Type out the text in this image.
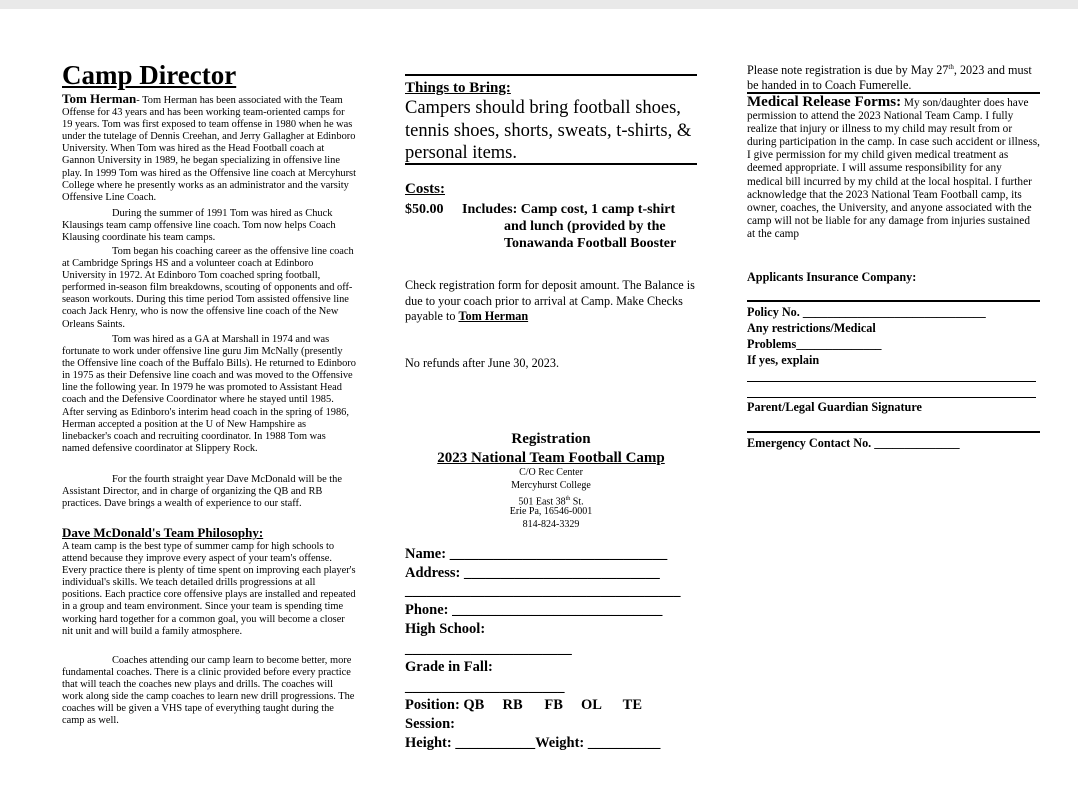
Camp Director
Tom Herman- Tom Herman has been associated with the Team Offense for 43 years and has been working team-oriented camps for 19 years. Tom was first exposed to team offense in 1980 when he was under the tutelage of Dennis Creehan, and Jerry Gallagher at Edinboro University. When Tom was hired as the Head Football coach at Gannon University in 1989, he began specializing in offensive line play. In 1999 Tom was hired as the Offensive line coach at Mercyhurst College where he presently works as an administrator and the varsity Offensive Line Coach.
During the summer of 1991 Tom was hired as Chuck Klausings team camp offensive line coach. Tom now helps Coach Klausing coordinate his team camps.
Tom began his coaching career as the offensive line coach at Cambridge Springs HS and a volunteer coach at Edinboro University in 1972. At Edinboro Tom coached spring football, performed in-season film breakdowns, scouting of opponents and off-season workouts. During this time period Tom assisted offensive line coach Jack Henry, who is now the offensive line coach of the New Orleans Saints.
Tom was hired as a GA at Marshall in 1974 and was fortunate to work under offensive line guru Jim McNally (presently the Offensive line coach of the Buffalo Bills). He returned to Edinboro in 1975 as their Defensive line coach and was moved to the Offensive line the following year. In 1979 he was promoted to Assistant Head coach and the Defensive Coordinator where he stayed until 1985. After serving as Edinboro's interim head coach in the spring of 1986, Herman accepted a position at the U of New Hampshire as linebacker's coach and recruiting coordinator. In 1988 Tom was named defensive coordinator at Slippery Rock.
For the fourth straight year Dave McDonald will be the Assistant Director, and in charge of organizing the QB and RB practices. Dave brings a wealth of experience to our staff.
Dave McDonald's Team Philosophy:
A team camp is the best type of summer camp for high schools to attend because they improve every aspect of your team's offense. Every practice there is plenty of time spent on improving each player's individual's skills. We teach detailed drills progressions at all positions. Each practice core offensive plays are installed and repeated in a group and team environment. Since your team is spending time working hard together for a common goal, you will become a closer nit unit and will build a family atmosphere.
Coaches attending our camp learn to become better, more fundamental coaches. There is a clinic provided before every practice that will teach the coaches new plays and drills. The coaches will work along side the camp coaches to learn new drill progressions. The coaches will be given a VHS tape of everything taught during the camp as well.
Things to Bring:
Campers should bring football shoes, tennis shoes, shorts, sweats, t-shirts, & personal items.
Costs:
$50.00 Includes: Camp cost, 1 camp t-shirt
and lunch (provided by the
Tonawanda Football Booster
Check registration form for deposit amount. The Balance is due to your coach prior to arrival at Camp. Make Checks payable to Tom Herman
No refunds after June 30, 2023.
Registration
2023 National Team Football Camp
C/O Rec Center
Mercyhurst College
501 East 38th St.
Erie Pa, 16546-0001
814-824-3329
Name: ______________________________
Address: ___________________________
______________________________________
Phone: _____________________________
High School:
_______________________
Grade in Fall:
______________________
Position: QB     RB      FB     OL      TE
Session:
Height: ___________Weight: __________
Please note registration is due by May 27th, 2023 and must be handed in to Coach Fumerelle.
Medical Release Forms: My son/daughter does have permission to attend the 2023 National Team Camp. I fully realize that injury or illness to my child may result from or during participation in the camp. In case such accident or illness, I give permission for my child given medical treatment as deemed appropriate. I will assume responsibility for any medical bill incurred by my child at the local hospital. I further acknowledge that the 2023 National Team Football camp, its owner, coaches, the University, and anyone associated with the camp will not be liable for any damage from injuries sustained at the camp
Applicants Insurance Company:
Policy No. ______________________________
Any restrictions/Medical
Problems______________
If yes, explain
Parent/Legal Guardian Signature
Emergency Contact No. ______________
